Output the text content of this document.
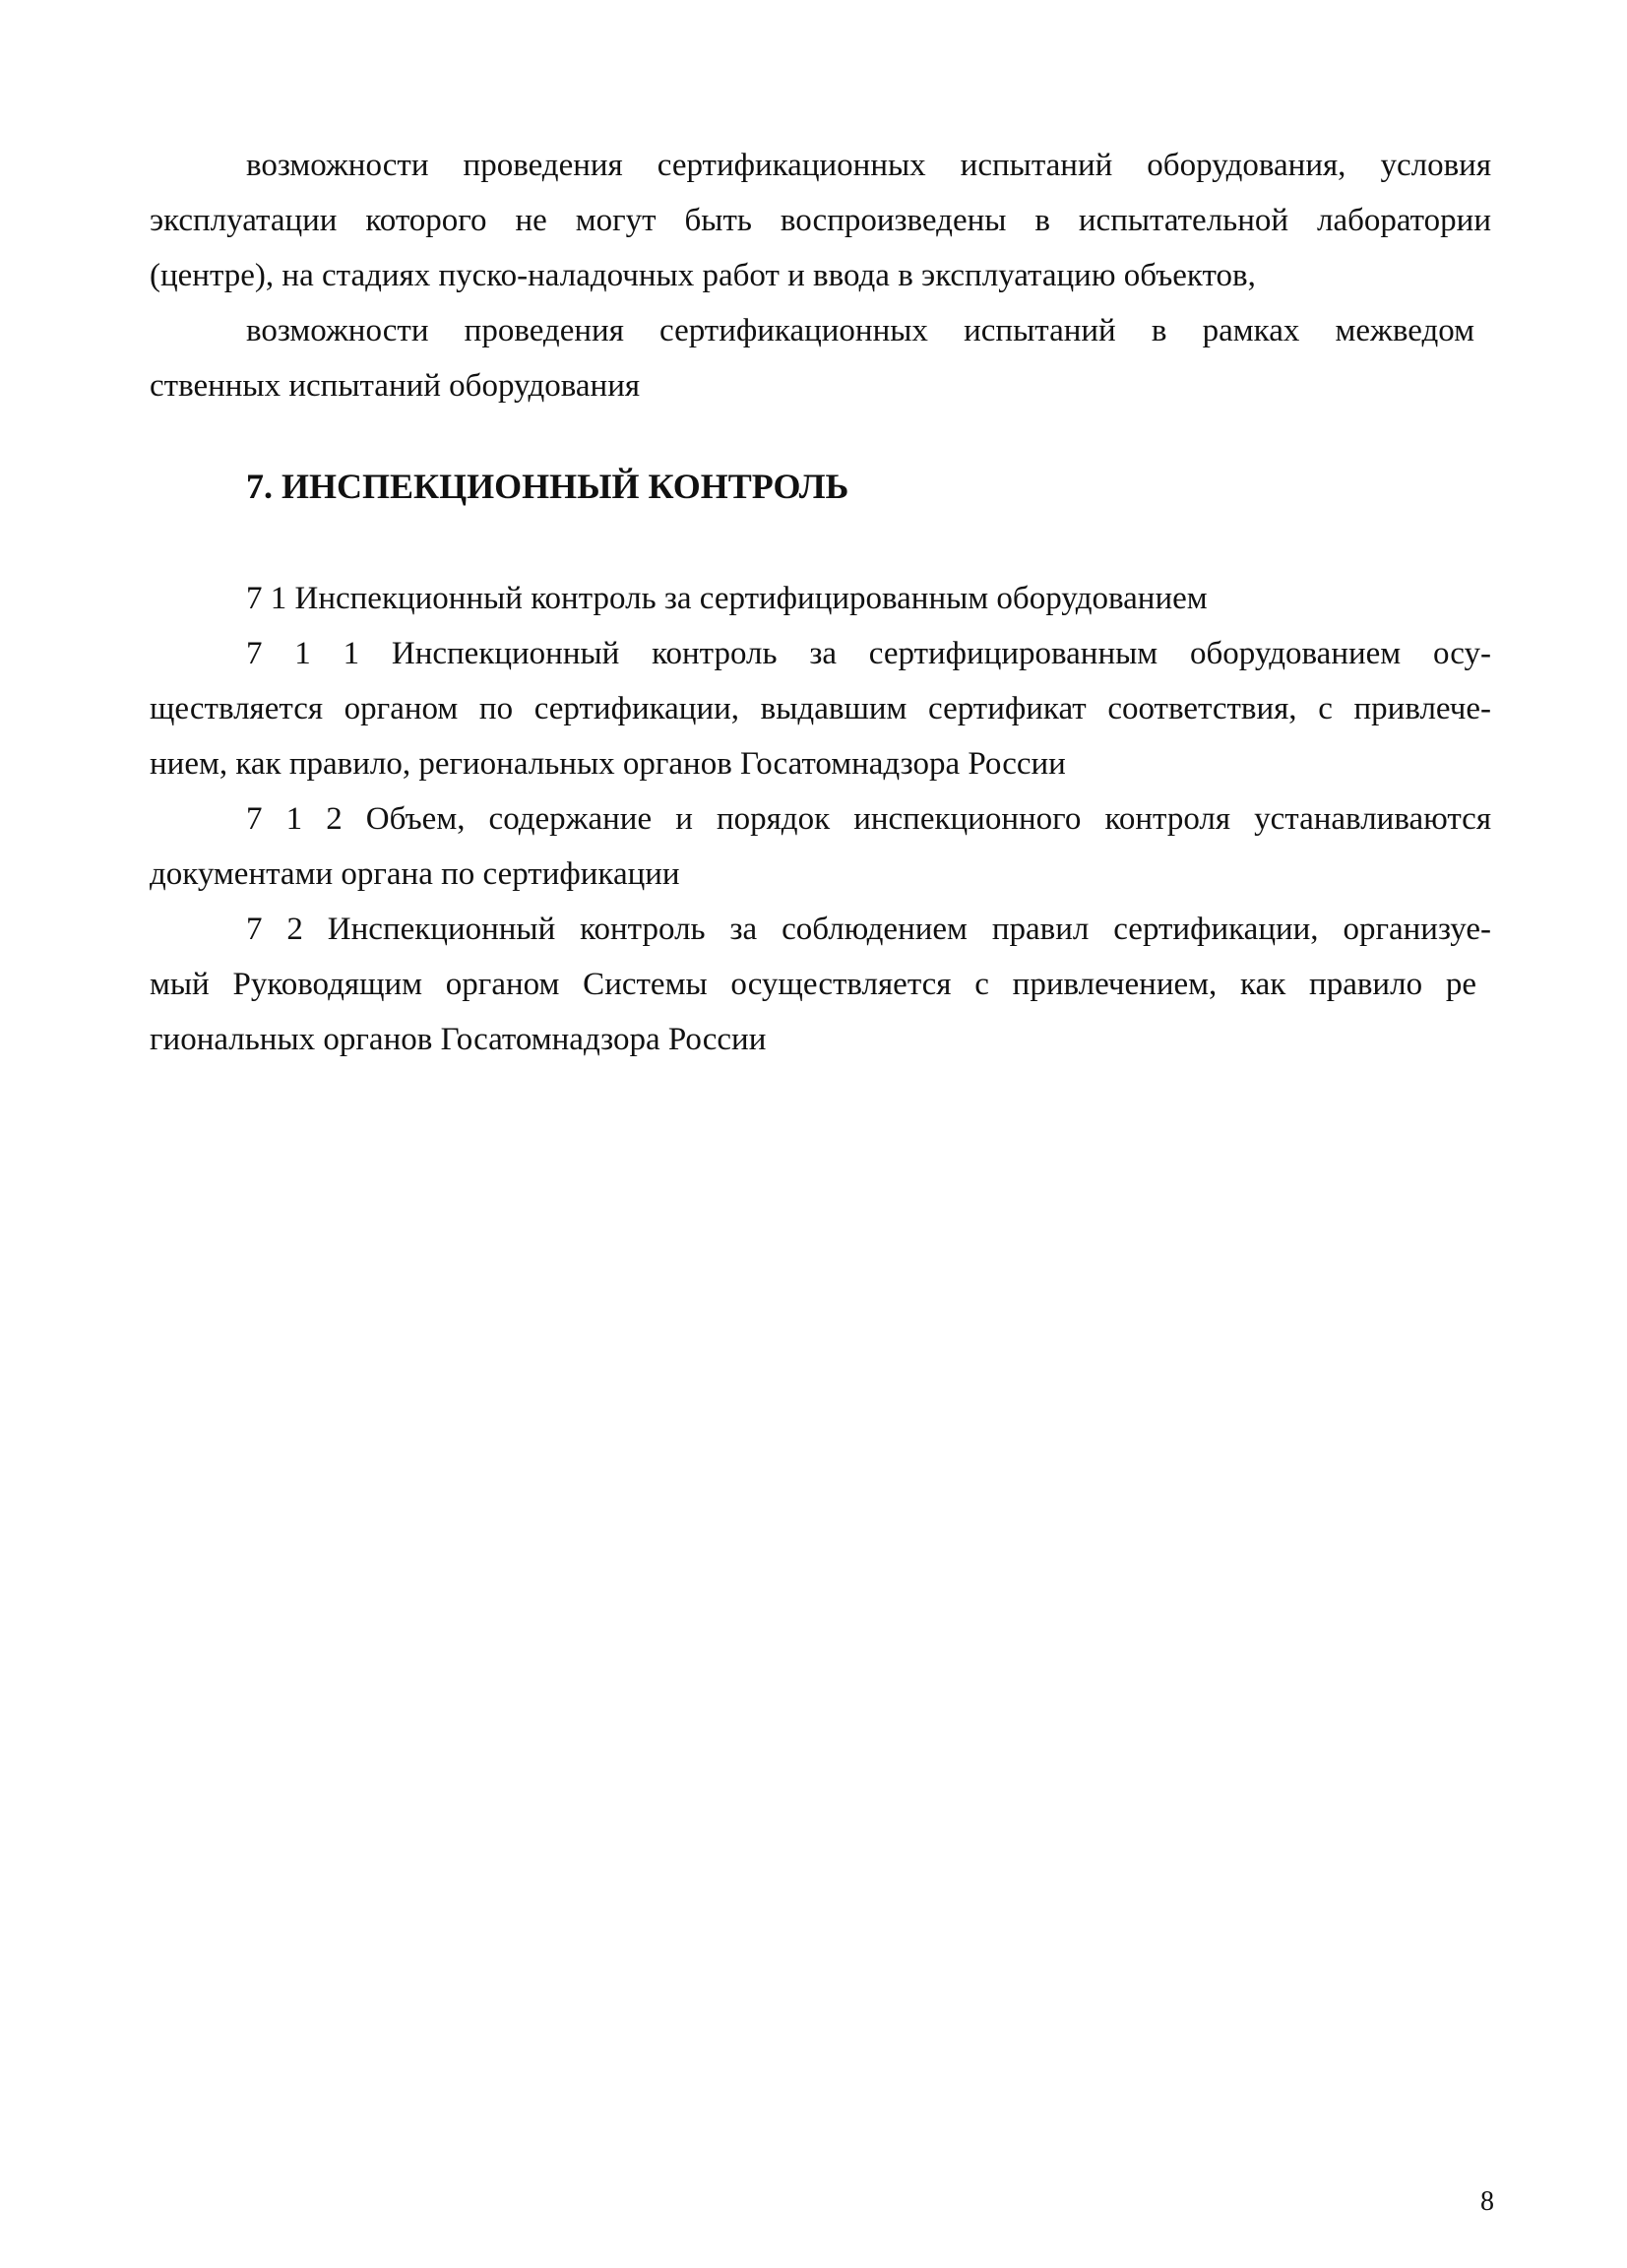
возможности проведения сертификационных испытаний оборудования, условия
эксплуатации которого не могут быть воспроизведены в испытательной лаборатории
(центре), на стадиях пуско-наладочных работ и ввода в эксплуатацию объектов,
возможности проведения сертификационных испытаний в рамках межведом
ственных испытаний оборудования
7. ИНСПЕКЦИОННЫЙ КОНТРОЛЬ
7 1 Инспекционный контроль за сертифицированным оборудованием
7 1 1 Инспекционный контроль за сертифицированным оборудованием осу-
ществляется органом по сертификации, выдавшим сертификат соответствия, с привлече-
нием, как правило, региональных органов Госатомнадзора России
7 1 2 Объем, содержание и порядок инспекционного контроля устанавливаются
документами органа по сертификации
7 2 Инспекционный контроль за соблюдением правил сертификации, организуе-
мый Руководящим органом Системы осуществляется с привлечением, как правило ре
гиональных органов Госатомнадзора России
8
